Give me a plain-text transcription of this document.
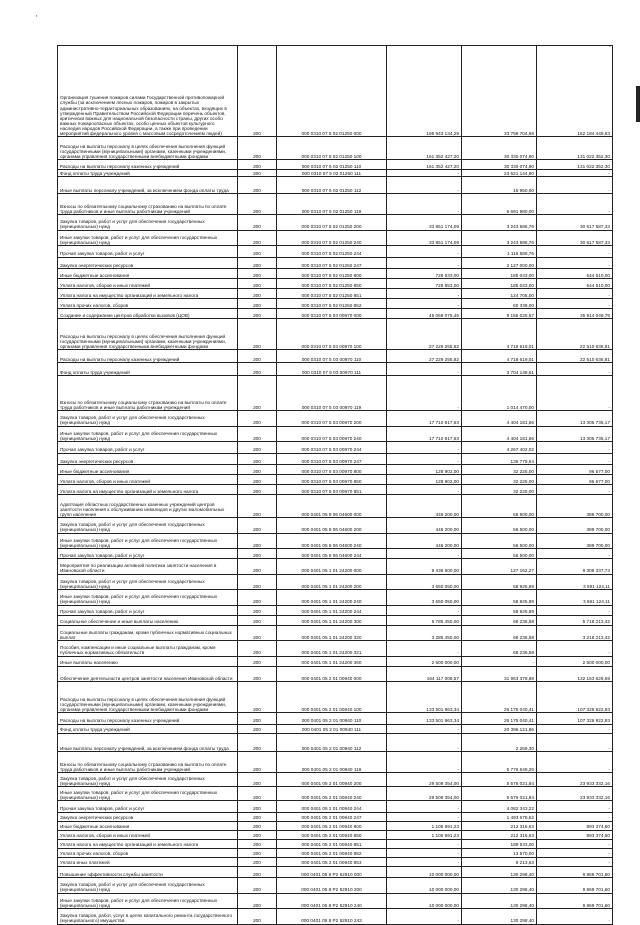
'
.
Организация тушения пожаров силами Государственной противопожарной службы (за исключением лесных пожаров, пожаров в закрытых административно-территориальных образованиях, на объектах, входящих в утвержденный Правительством Российской Федерации перечень объектов, критически важных для национальной безопасности страны, других особо важных пожароопасных объектах, особо ценных объектов культурного наследия народов Российской Федерации, а также при проведении мероприятий федерального уровня с массовым сосредоточением людей)	200	000 0310 07 5 02 01250 000	195 943 134,29	33 758 704,68	162 184 449,63
Расходы на выплаты персоналу в целях обеспечения выполнения функций государственными (муниципальными) органами, казенными учреждениями, органами управления государственными внебюджетными фондами	200	000 0310 07 5 02 01250 100	161 352 427,20	30 330 074,90	131 022 352,30
Расходы на выплаты персоналу казенных учреждений	200	000 0310 07 5 02 01250 110	161 352 427,20	30 330 074,90	131 022 352,30
Фонд оплаты труда учреждений	200	000 0310 07 5 02 01250 111	-	23 621 144,90	-
Иные выплаты персоналу учреждений, за исключением фонда оплаты труда	200	000 0310 07 5 02 01250 112	-	16 950,00	-
Взносы по обязательному социальному страхованию на выплаты по оплате труда работников и иные выплаты работникам учреждений	200	000 0310 07 5 02 01250 119	-	6 691 980,00	-
Закупка товаров, работ и услуг для обеспечения государственных (муниципальных) нужд	200	000 0310 07 5 02 01250 200	33 861 174,09	3 243 586,76	30 617 587,33
Иные закупки товаров, работ и услуг для обеспечения государственных (муниципальных) нужд	200	000 0310 07 5 02 01250 240	33 861 174,09	3 243 586,76	30 617 587,33
Прочая закупка товаров, работ и услуг	200	000 0310 07 5 02 01250 244	-	1 116 586,76	-
Закупка энергетических ресурсов	200	000 0310 07 5 02 01250 247	-	2 127 000,00	-
Иные бюджетные ассигнования	200	000 0310 07 5 02 01250 800	729 533,00	185 043,00	544 510,00
Уплата налогов, сборов и иных платежей	200	000 0310 07 5 02 01250 850	729 553,00	185 043,00	544 510,00
Уплата налога на имущество организаций и земельного налога	200	000 0310 07 5 02 01250 851	-	124 705,00	-
Уплата прочих налогов, сборов	200	000 0310 07 5 02 01250 852	-	60 338,00	-
Создание и содержание центров обработки вызовов (ЦОВ)	200	000 0310 07 5 03 00970 000	45 069 075,45	9 155 025,67	35 914 049,78
Расходы на выплаты персоналу в целях обеспечения выполнения функций государственными (муниципальными) органами, казенными учреждениями, органами управления государственными внебюджетными фондами	200	000 0310 07 5 03 00970 100	27 229 255,82	4 718 619,01	22 510 636,81
Расходы на выплаты персоналу казенных учреждений	200	000 0310 07 5 03 00970 110	27 229 255,82	4 718 619,01	22 510 636,81
Фонд оплаты труда учреждений	200	000 0310 07 5 03 00970 111	-	3 704 148,61	-
Взносы по обязательному социальному страхованию на выплаты по оплате труда работников и иные выплаты работникам учреждений	200	000 0310 07 5 03 00970 119	-	1 014 470,00	-
Закупка товаров, работ и услуг для обеспечения государственных (муниципальных) нужд	200	000 0310 07 5 03 00970 200	17 710 917,63	4 404 181,66	13 306 735,17
Иные закупки товаров, работ и услуг для обеспечения государственных (муниципальных) нужд	200	000 0310 07 5 03 00970 240	17 710 917,63	4 404 181,66	13 306 735,17
Прочая закупка товаров, работ и услуг	200	000 0310 07 5 03 00970 244	-	4 267 402,02	-
Закупка энергетических ресурсов	200	000 0310 07 5 03 00970 247	-	136 779,64	-
Иные бюджетные ассигнования	200	000 0310 07 5 03 00970 800	128 902,00	32 225,00	96 677,00
Уплата налогов, сборов и иных платежей	200	000 0310 07 5 03 00970 850	128 902,00	32 225,00	96 677,00
Уплата налога на имущество организаций и земельного налога	200	000 0310 07 5 03 00970 851	-	32 225,00	-
Адаптация областных государственных казенных учреждений центров занятости населения к обслуживанию инвалидов и других маломобильных групп населения	200	000 0401 05 8 06 04600 000	446 200,00	56 500,00	389 700,00
Закупка товаров, работ и услуг для обеспечения государственных (муниципальных) нужд	200	000 0401 05 8 06 04600 200	446 200,00	56 500,00	389 700,00
Иные закупки товаров, работ и услуг для обеспечения государственных (муниципальных) нужд	200	000 0401 05 8 06 04600 240	446 200,00	56 500,00	389 700,00
Прочая закупка товаров, работ и услуг	200	000 0401 05 8 06 04600 244	-	56 500,00	-
Мероприятия по реализации активной политики занятости населения в Ивановской области	200	000 0401 05 1 01 24200 000	9 436 500,00	127 162,27	9 309 337,73
Закупка товаров, работ и услуг для обеспечения государственных (муниципальных) нужд	200	000 0401 05 1 01 24200 200	3 650 050,00	58 925,89	3 591 124,11
Иные закупки товаров, работ и услуг для обеспечения государственных (муниципальных) нужд	200	000 0401 05 1 01 24200 240	3 650 050,00	58 925,89	3 591 124,11
Прочая закупка товаров, работ и услуг	200	000 0401 05 1 01 24200 244	-	58 925,89	-
Социальное обеспечение и иные выплаты населению	200	000 0401 05 1 01 24200 300	5 786 450,00	68 236,58	5 718 213,42
Социальные выплаты гражданам, кроме публичных нормативных социальных выплат	200	000 0401 05 1 01 24200 320	3 286 450,00	68 236,58	3 218 213,42
Пособия, компенсации и иные социальные выплаты гражданам, кроме публичных нормативных обязательств	200	000 0401 05 1 01 24200 321	-	68 236,58	-
Иные выплаты населению	200	000 0401 05 1 01 24200 360	2 500 000,00	-	2 500 000,00
Обеспечение деятельности центров занятости населения Ивановской области	200	000 0401 05 2 01 00940 000	164 117 008,57	31 963 378,88	132 153 629,69
Расходы на выплаты персоналу в целях обеспечения выполнения функций государственными (муниципальными) органами, казенными учреждениями, органами управления государственными внебюджетными фондами	200	000 0401 05 2 01 00940 100	133 501 963,34	26 175 040,41	107 326 922,93
Расходы на выплаты персоналу казенных учреждений	200	000 0401 05 2 01 00940 110	133 501 963,34	26 175 040,41	107 326 922,93
Фонд оплаты труда учреждений	200	000 0401 05 2 01 00940 111	-	20 396 121,86	-
Иные выплаты персоналу учреждений, за исключением фонда оплаты труда	200	000 0401 05 2 01 00940 112	-	2 269,30	-
Взносы по обязательному социальному страхованию на выплаты по оплате труда работников и иные выплаты работникам учреждений	200	000 0401 05 2 01 00940 119	-	5 776 649,25	-
Закупка товаров, работ и услуг для обеспечения государственных (муниципальных) нужд	200	000 0401 05 2 01 00940 200	29 509 354,00	5 576 021,84	23 933 332,16
Иные закупки товаров, работ и услуг для обеспечения государственных (муниципальных) нужд	200	000 0401 05 2 01 00940 240	29 509 354,00	5 576 021,84	23 933 332,16
Прочая закупка товаров, работ и услуг	200	000 0401 05 2 01 00940 244	-	4 082 343,22	-
Закупка энергетических ресурсов	200	000 0401 05 2 01 00940 247	-	1 493 678,62	-
Иные бюджетные ассигнования	200	000 0401 05 2 01 00940 800	1 105 691,23	212 316,63	893 374,60
Уплата налогов, сборов и иных платежей	200	000 0401 05 2 01 00940 850	1 105 691,23	212 316,63	893 374,60
Уплата налога на имущество организаций и земельного налога	200	000 0401 05 2 01 00940 851	-	189 533,00	-
Уплата прочих налогов, сборов	200	000 0401 05 2 01 00940 852	-	13 570,00	-
Уплата иных платежей	200	000 0401 05 2 01 00940 853	-	9 213,63	-
Повышение эффективности службы занятости	200	000 0401 05 8 P2 52910 000	10 000 000,00	130 298,40	9 869 701,60
Закупка товаров, работ и услуг для обеспечения государственных (муниципальных) нужд	200	000 0401 05 8 P2 52910 200	10 000 000,00	130 298,40	9 869 701,60
Иные закупки товаров, работ и услуг для обеспечения государственных (муниципальных) нужд	200	000 0401 05 8 P2 52910 240	10 000 000,00	130 298,40	9 869 701,60
Закупка товаров, работ, услуг в целях капитального ремонта государственного (муниципального) имущества	200	000 0401 05 8 P2 52910 243	-	130 298,40	-
